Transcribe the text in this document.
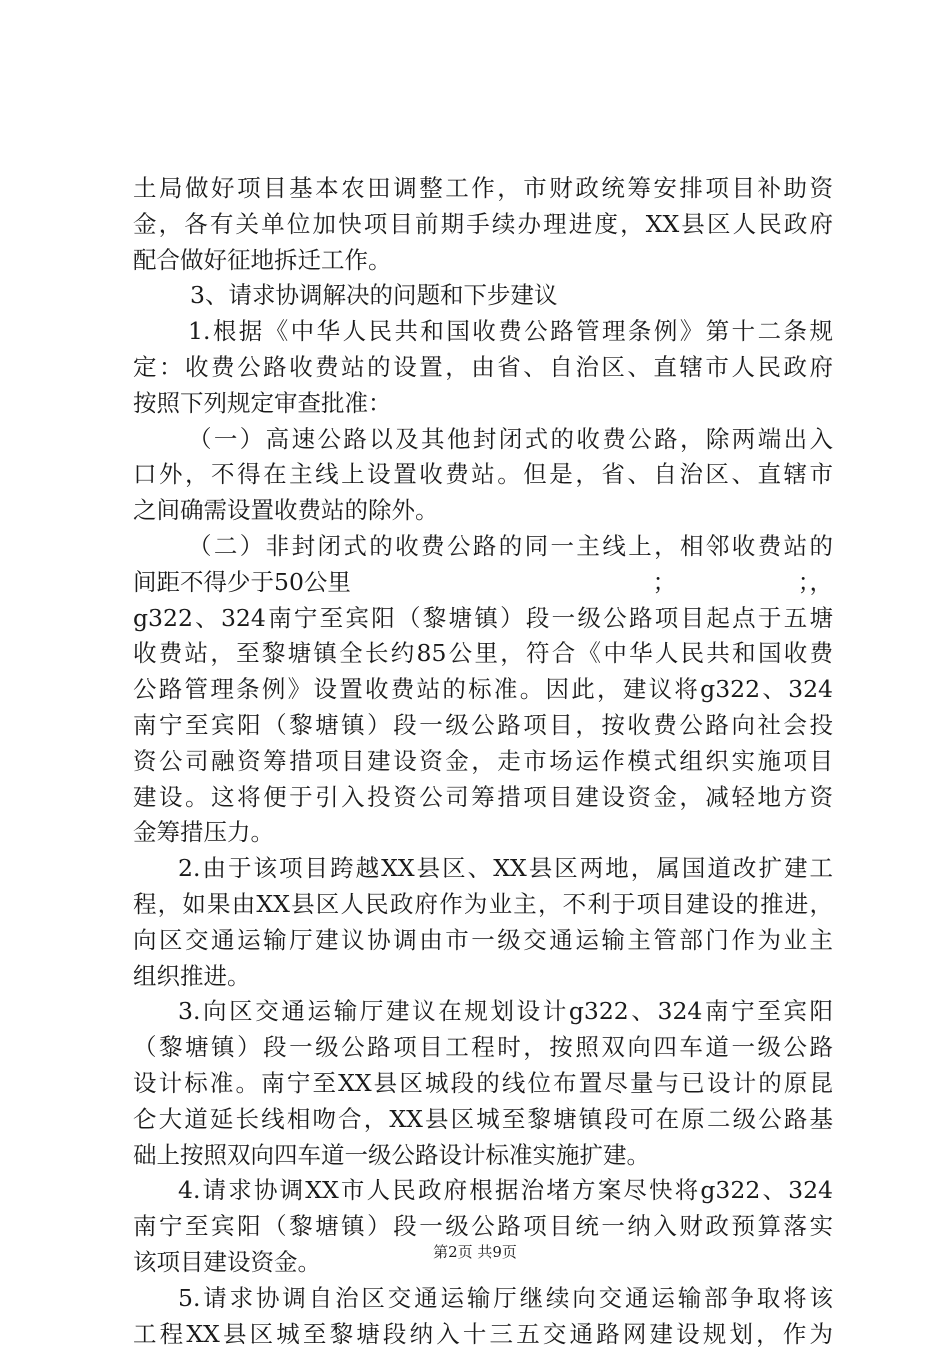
土局做好项目基本农田调整工作，市财政统筹安排项目补助资
金，各有关单位加快项目前期手续办理进度，XX县区人民政府
配合做好征地拆迁工作。
3、请求协调解决的问题和下步建议
1.根据《中华人民共和国收费公路管理条例》第十二条规
定：收费公路收费站的设置，由省、自治区、直辖市人民政府
按照下列规定审查批准：
（一）高速公路以及其他封闭式的收费公路，除两端出入
口外，不得在主线上设置收费站。但是，省、自治区、直辖市
之间确需设置收费站的除外。
（二）非封闭式的收费公路的同一主线上，相邻收费站的
间距不得少于50公里	；	；，
g322、324南宁至宾阳（黎塘镇）段一级公路项目起点于五塘
收费站，至黎塘镇全长约85公里，符合《中华人民共和国收费
公路管理条例》设置收费站的标准。因此，建议将g322、324
南宁至宾阳（黎塘镇）段一级公路项目，按收费公路向社会投
资公司融资筹措项目建设资金，走市场运作模式组织实施项目
建设。这将便于引入投资公司筹措项目建设资金，减轻地方资
金筹措压力。
2.由于该项目跨越XX县区、XX县区两地，属国道改扩建工
程，如果由XX县区人民政府作为业主，不利于项目建设的推进，
向区交通运输厅建议协调由市一级交通运输主管部门作为业主
组织推进。
3.向区交通运输厅建议在规划设计g322、324南宁至宾阳
（黎塘镇）段一级公路项目工程时，按照双向四车道一级公路
设计标准。南宁至XX县区城段的线位布置尽量与已设计的原昆
仑大道延长线相吻合，XX县区城至黎塘镇段可在原二级公路基
础上按照双向四车道一级公路设计标准实施扩建。
4.请求协调XX市人民政府根据治堵方案尽快将g322、324
南宁至宾阳（黎塘镇）段一级公路项目统一纳入财政预算落实
该项目建设资金。
5.请求协调自治区交通运输厅继续向交通运输部争取将该
工程XX县区城至黎塘段纳入十三五交通路网建设规划，作为
第2页 共9页
